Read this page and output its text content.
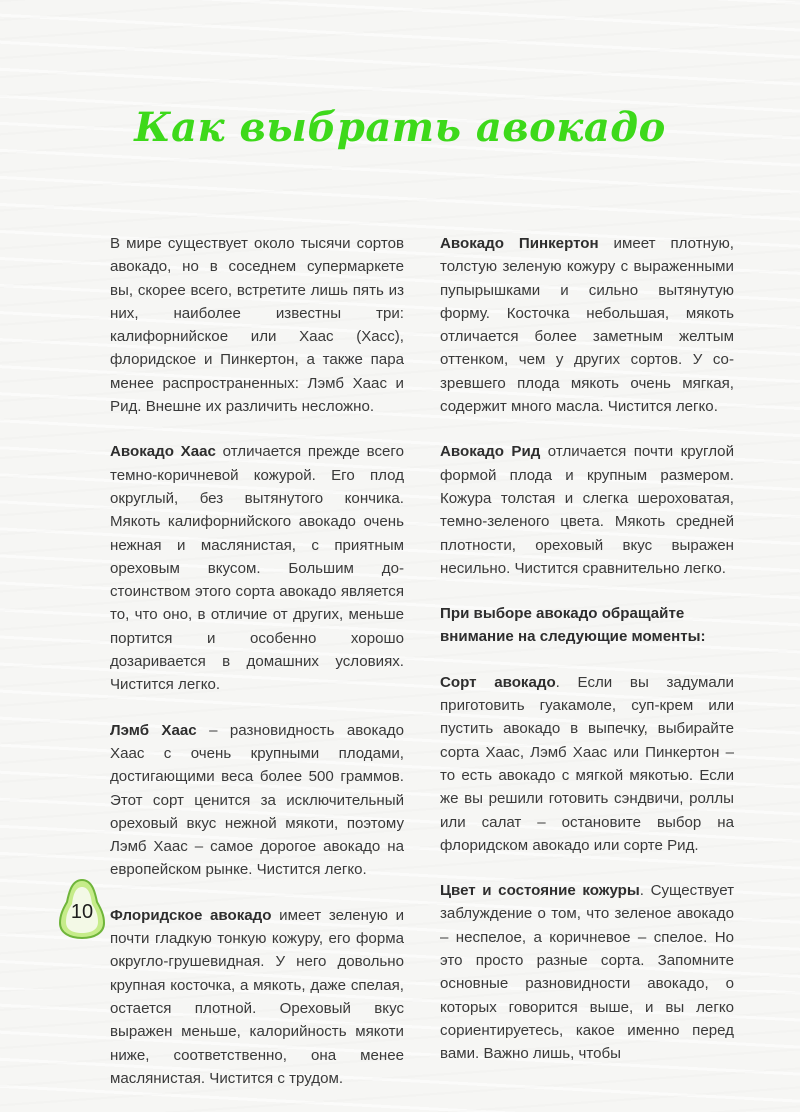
Как выбрать авокадо

В мире существует около тысячи сортов авокадо, но в соседнем супермаркете вы, скорее всего, встретите лишь пять из них, наиболее известны три: калифорнийское или Хаас (Хасс), флоридское и Пинкертон, а также пара менее распространенных: Лэмб Хаас и Рид. Внешне их различить несложно.

Авокадо Хаас отличается прежде всего темно-коричневой кожурой. Его плод округлый, без вытянутого кончика. Мякоть калифорнийского авокадо очень нежная и маслянистая, с приятным ореховым вкусом. Большим достоинством этого сорта авокадо является то, что оно, в отличие от других, меньше портится и особенно хорошо дозаривается в домашних условиях. Чистится легко.

Лэмб Хаас – разновидность авокадо Хаас с очень крупными плодами, достигающими веса более 500 граммов. Этот сорт ценится за исключительный ореховый вкус нежной мякоти, поэтому Лэмб Хаас – самое дорогое авокадо на европейском рынке. Чистится легко.

Флоридское авокадо имеет зеленую и почти гладкую тонкую кожуру, его форма округло-грушевидная. У него довольно крупная косточка, а мякоть, даже спелая, остается плотной. Ореховый вкус выражен меньше, калорийность мякоти ниже, соответственно, она менее маслянистая. Чистится с трудом.

Авокадо Пинкертон имеет плотную, толстую зеленую кожуру с выраженными пупырышками и сильно вытянутую форму. Косточка небольшая, мякоть отличается более заметным желтым оттенком, чем у других сортов. У созревшего плода мякоть очень мягкая, содержит много масла. Чистится легко.

Авокадо Рид отличается почти круглой формой плода и крупным размером. Кожура толстая и слегка шероховатая, темно-зеленого цвета. Мякоть средней плотности, ореховый вкус выражен несильно. Чистится сравнительно легко.

При выборе авокадо обращайте внимание на следующие моменты:

Сорт авокадо. Если вы задумали приготовить гуакамоле, суп-крем или пустить авокадо в выпечку, выбирайте сорта Хаас, Лэмб Хаас или Пинкертон – то есть авокадо с мягкой мякотью. Если же вы решили готовить сэндвичи, роллы или салат – остановите выбор на флоридском авокадо или сорте Рид.

Цвет и состояние кожуры. Существует заблуждение о том, что зеленое авокадо – неспелое, а коричневое – спелое. Но это просто разные сорта. Запомните основные разновидности авокадо, о которых говорится выше, и вы легко сориентируетесь, какое именно перед вами. Важно лишь, чтобы

10
